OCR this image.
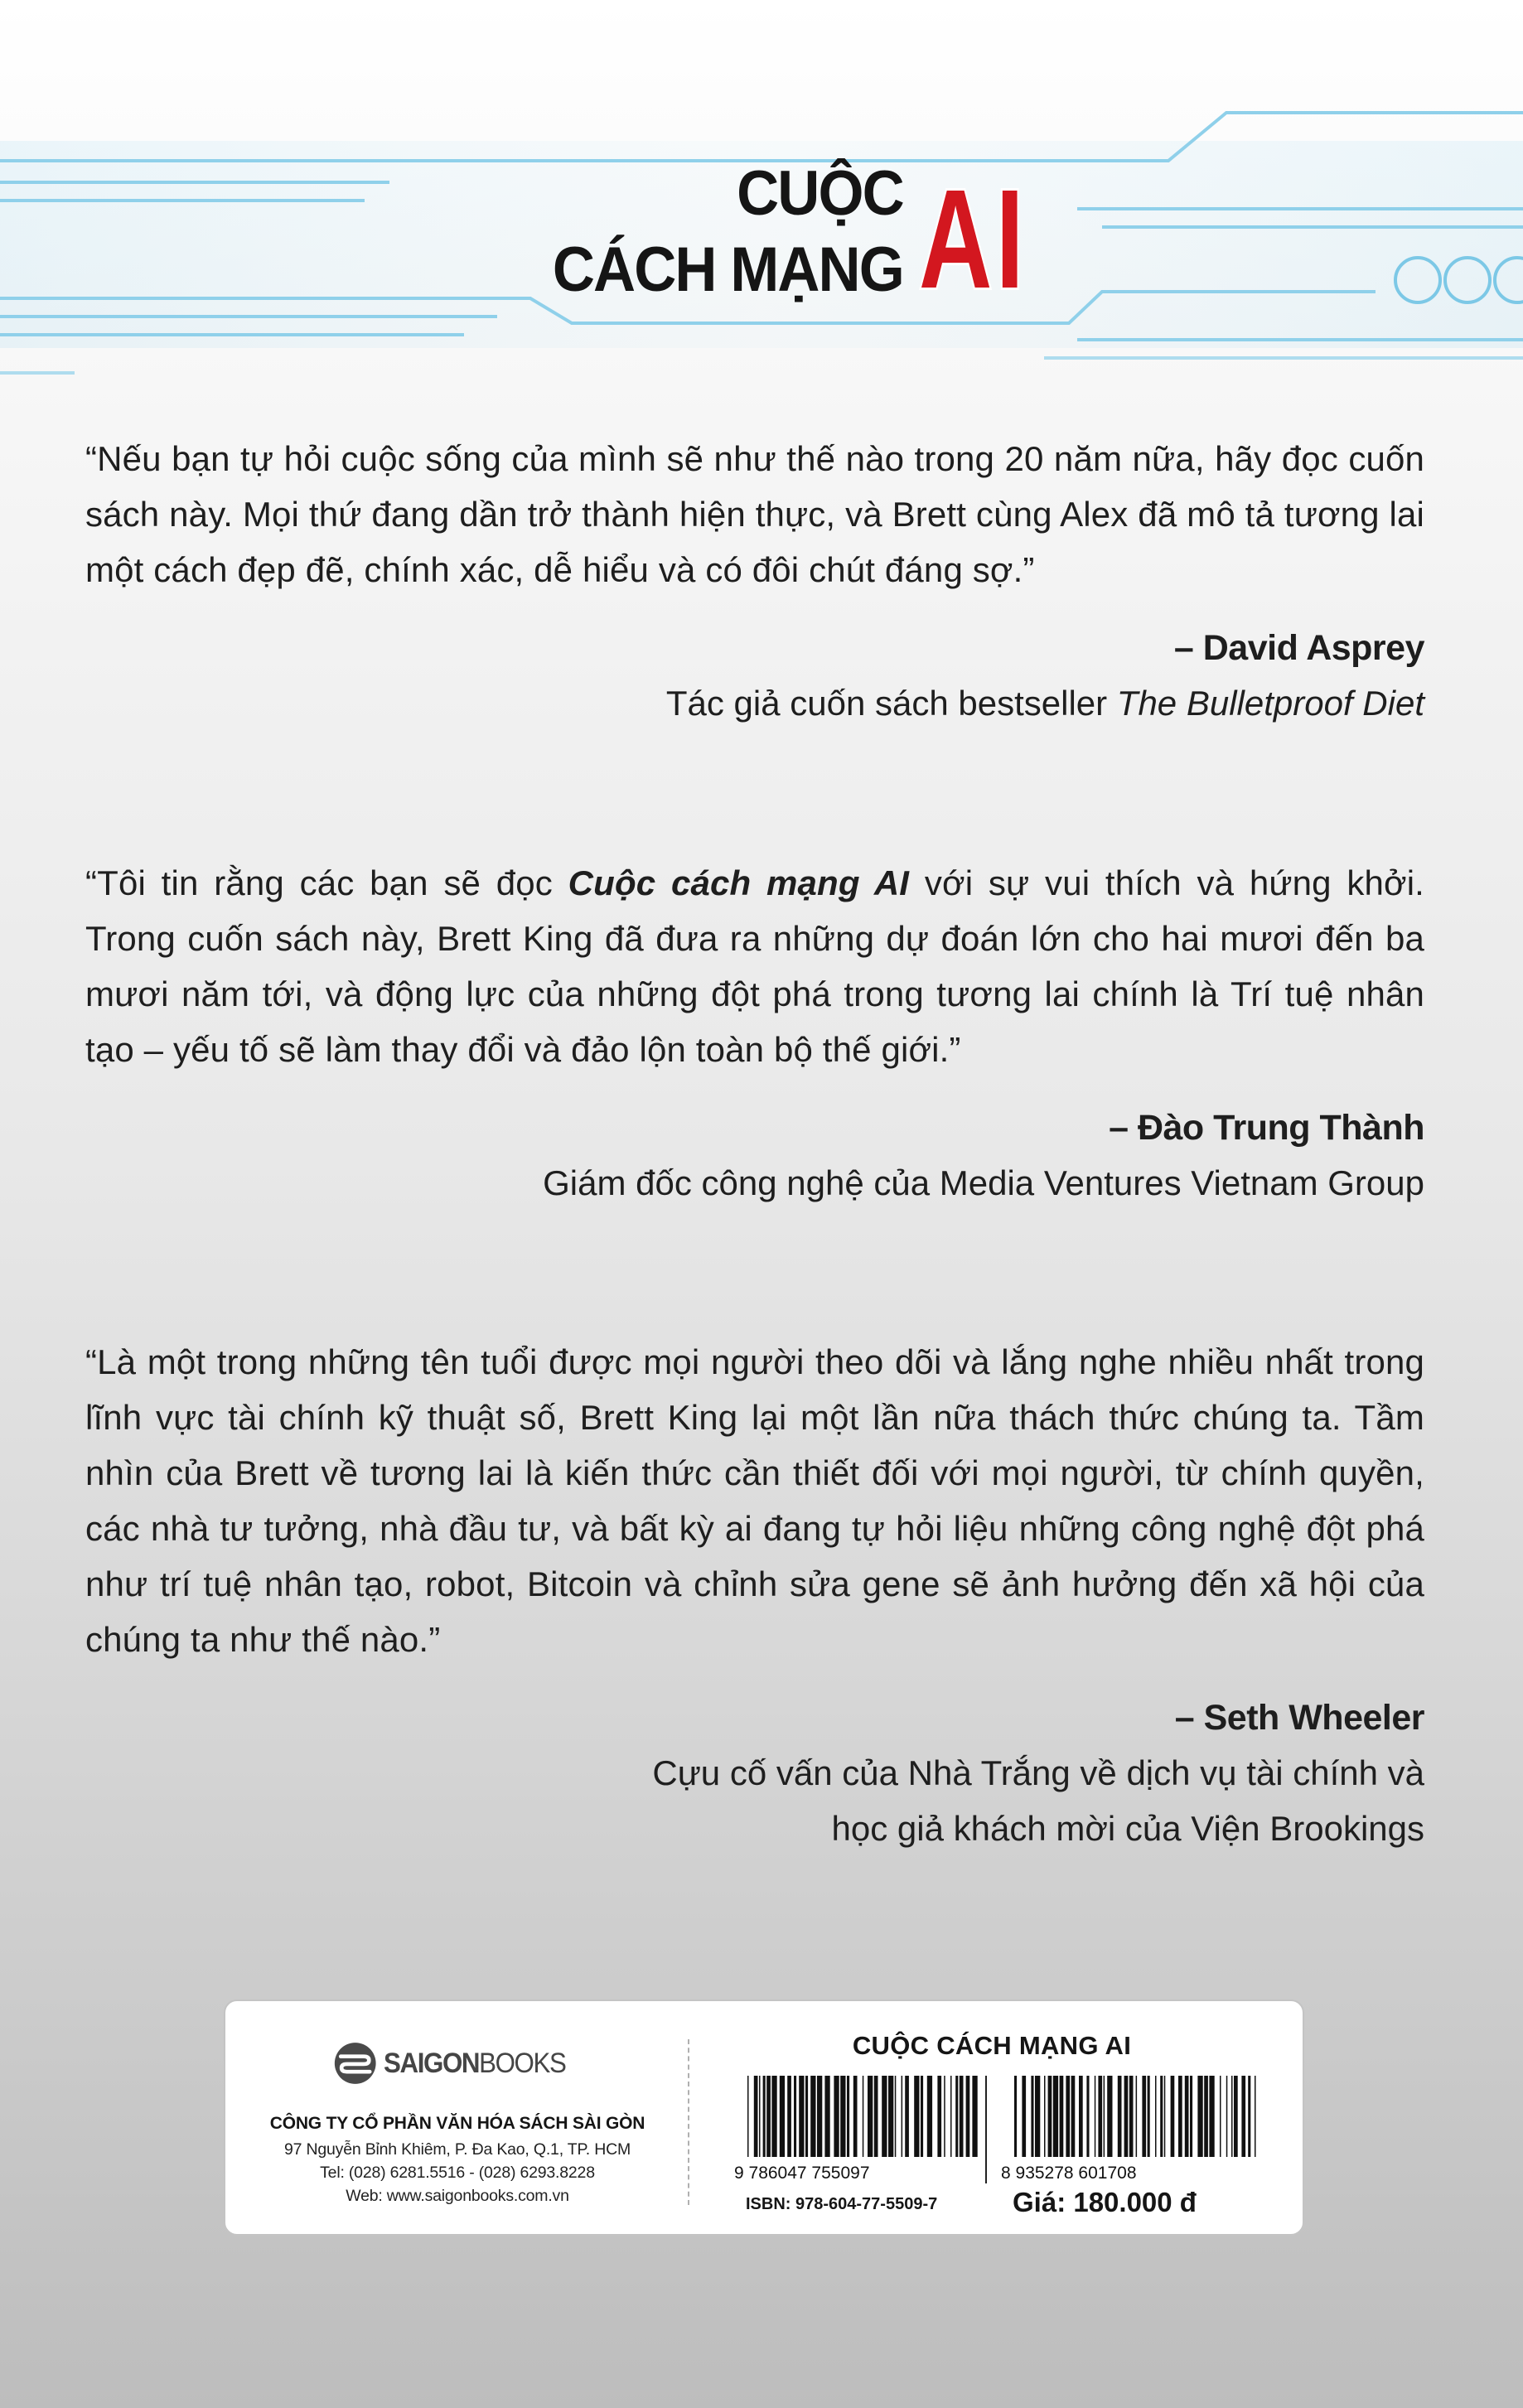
CUỘC
CÁCH MẠNG AI

“Nếu bạn tự hỏi cuộc sống của mình sẽ như thế nào trong 20 năm nữa, hãy đọc cuốn sách này. Mọi thứ đang dần trở thành hiện thực, và Brett cùng Alex đã mô tả tương lai một cách đẹp đẽ, chính xác, dễ hiểu và có đôi chút đáng sợ.”

– David Asprey
Tác giả cuốn sách bestseller The Bulletproof Diet

“Tôi tin rằng các bạn sẽ đọc Cuộc cách mạng AI với sự vui thích và hứng khởi. Trong cuốn sách này, Brett King đã đưa ra những dự đoán lớn cho hai mươi đến ba mươi năm tới, và động lực của những đột phá trong tương lai chính là Trí tuệ nhân tạo – yếu tố sẽ làm thay đổi và đảo lộn toàn bộ thế giới.”

– Đào Trung Thành
Giám đốc công nghệ của Media Ventures Vietnam Group

“Là một trong những tên tuổi được mọi người theo dõi và lắng nghe nhiều nhất trong lĩnh vực tài chính kỹ thuật số, Brett King lại một lần nữa thách thức chúng ta. Tầm nhìn của Brett về tương lai là kiến thức cần thiết đối với mọi người, từ chính quyền, các nhà tư tưởng, nhà đầu tư, và bất kỳ ai đang tự hỏi liệu những công nghệ đột phá như trí tuệ nhân tạo, robot, Bitcoin và chỉnh sửa gene sẽ ảnh hưởng đến xã hội của chúng ta như thế nào.”

– Seth Wheeler
Cựu cố vấn của Nhà Trắng về dịch vụ tài chính và
học giả khách mời của Viện Brookings
SAIGONBOOKS
CÔNG TY CỔ PHẦN VĂN HÓA SÁCH SÀI GÒN
97 Nguyễn Bỉnh Khiêm, P. Đa Kao, Q.1, TP. HCM
Tel: (028) 6281.5516 - (028) 6293.8228
Web: www.saigonbooks.com.vn
CUỘC CÁCH MẠNG AI
9 786047 755097	8 935278 601708
ISBN: 978-604-77-5509-7	Giá: 180.000 đ
